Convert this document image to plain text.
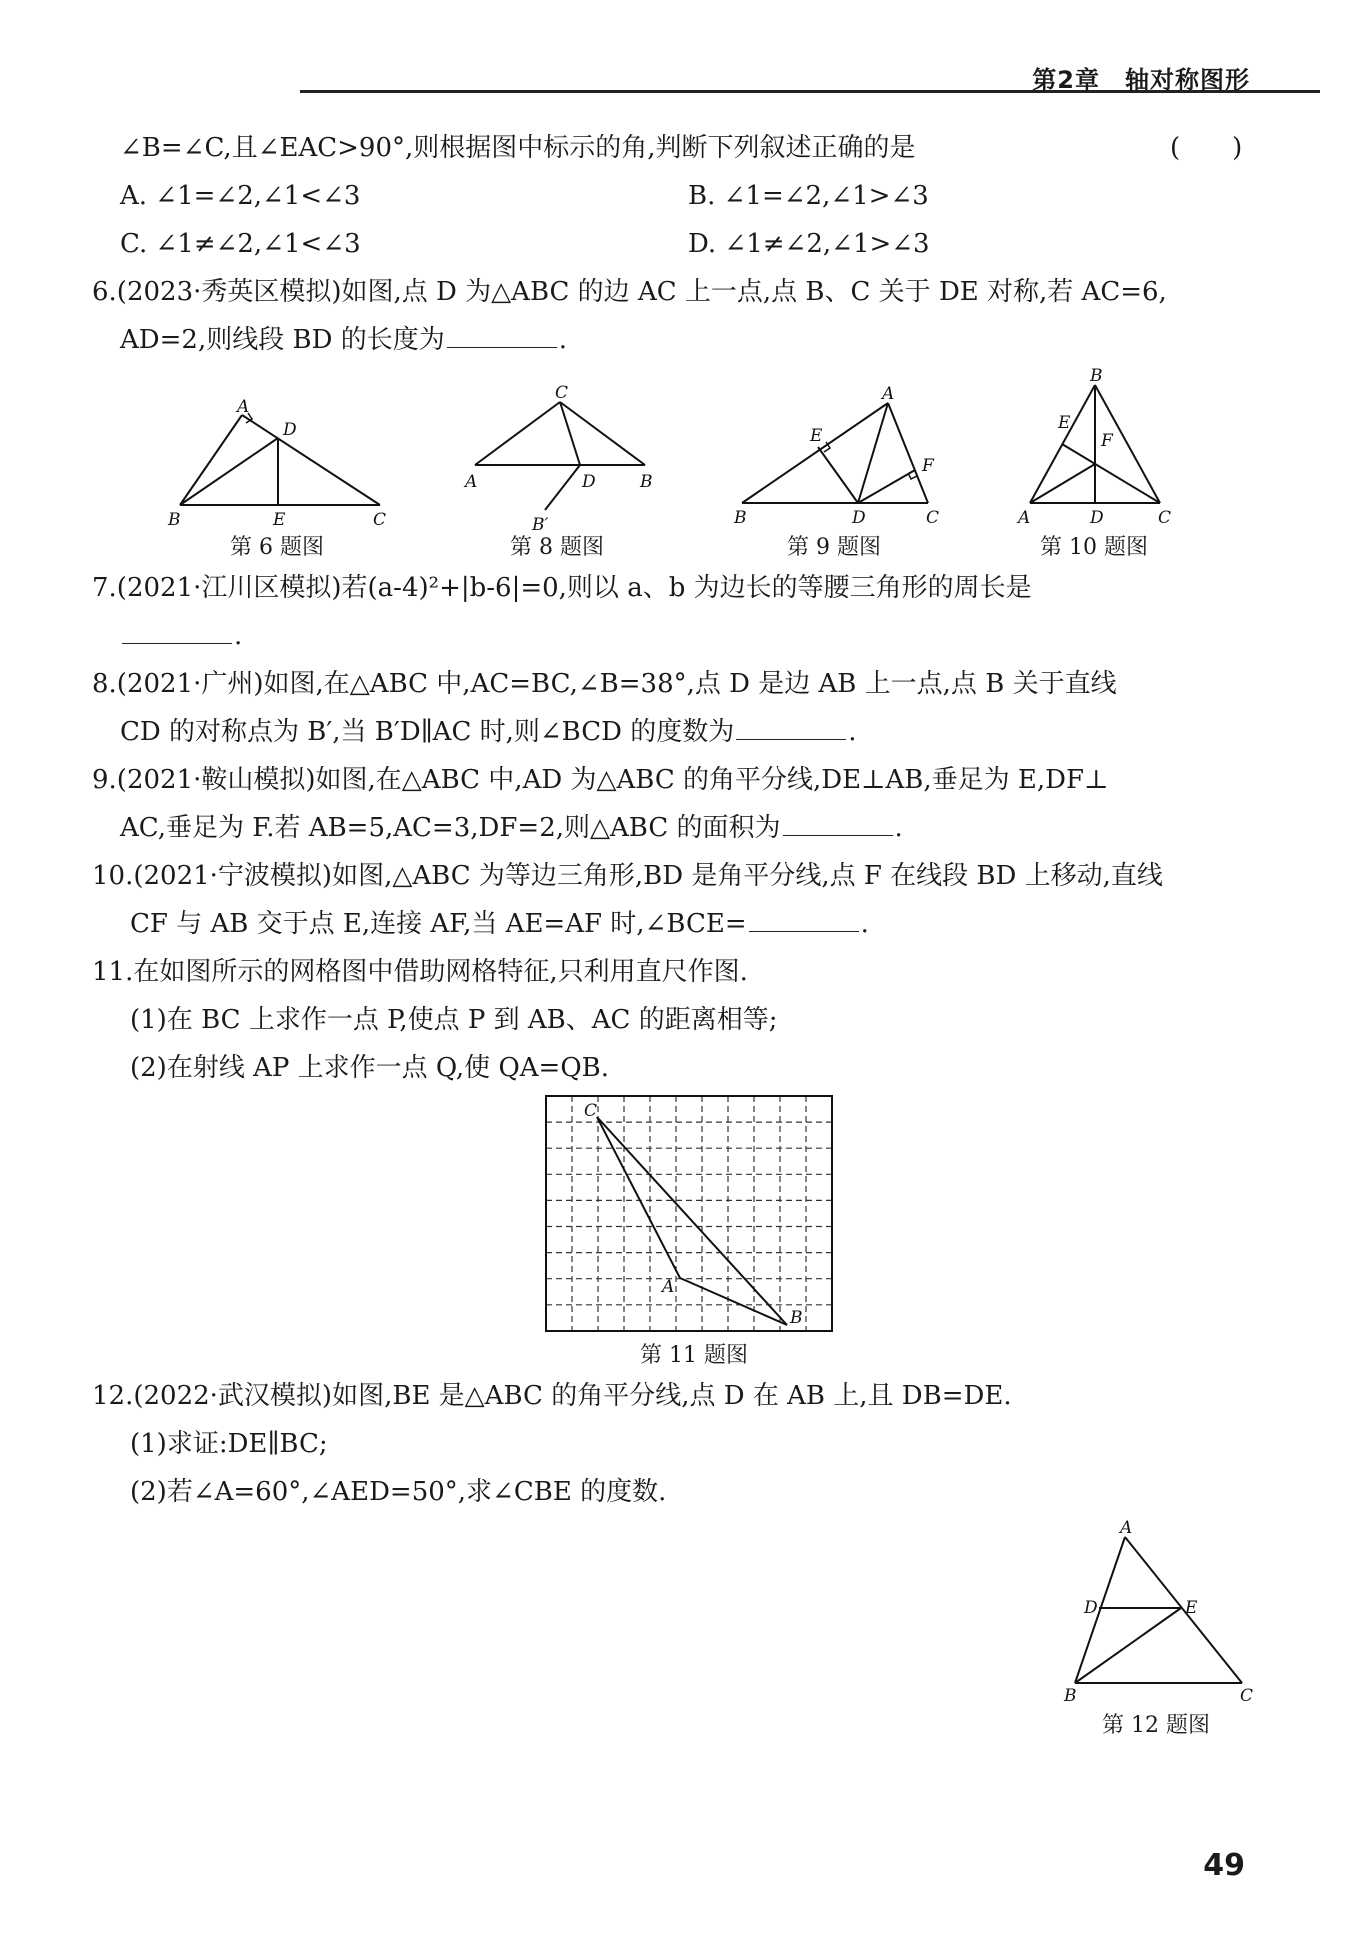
第2章　轴对称图形
∠B=∠C,且∠EAC>90°,则根据图中标示的角,判断下列叙述正确的是	(　　)
A. ∠1=∠2,∠1<∠3	B. ∠1=∠2,∠1>∠3
C. ∠1≠∠2,∠1<∠3	D. ∠1≠∠2,∠1>∠3
6.(2023·秀英区模拟)如图,点 D 为△ABC 的边 AC 上一点,点 B、C 关于 DE 对称,若 AC=6,
AD=2,则线段 BD 的长度为	.
A
D
B	E	C
第 6 题图
C
A	D	B
B′
第 8 题图
A
E
F
B	D	C
第 9 题图
B
E
F
A	D	C
第 10 题图
7.(2021·江川区模拟)若(a-4)²+|b-6|=0,则以 a、b 为边长的等腰三角形的周长是
.
8.(2021·广州)如图,在△ABC 中,AC=BC,∠B=38°,点 D 是边 AB 上一点,点 B 关于直线
CD 的对称点为 B′,当 B′D∥AC 时,则∠BCD 的度数为	.
9.(2021·鞍山模拟)如图,在△ABC 中,AD 为△ABC 的角平分线,DE⊥AB,垂足为 E,DF⊥
AC,垂足为 F.若 AB=5,AC=3,DF=2,则△ABC 的面积为	.
10.(2021·宁波模拟)如图,△ABC 为等边三角形,BD 是角平分线,点 F 在线段 BD 上移动,直线
CF 与 AB 交于点 E,连接 AF,当 AE=AF 时,∠BCE=	.
11.在如图所示的网格图中借助网格特征,只利用直尺作图.
(1)在 BC 上求作一点 P,使点 P 到 AB、AC 的距离相等;
(2)在射线 AP 上求作一点 Q,使 QA=QB.
C
A
B
第 11 题图
12.(2022·武汉模拟)如图,BE 是△ABC 的角平分线,点 D 在 AB 上,且 DB=DE.
(1)求证:DE∥BC;
(2)若∠A=60°,∠AED=50°,求∠CBE 的度数.
A
D	E
B	C
第 12 题图
49
